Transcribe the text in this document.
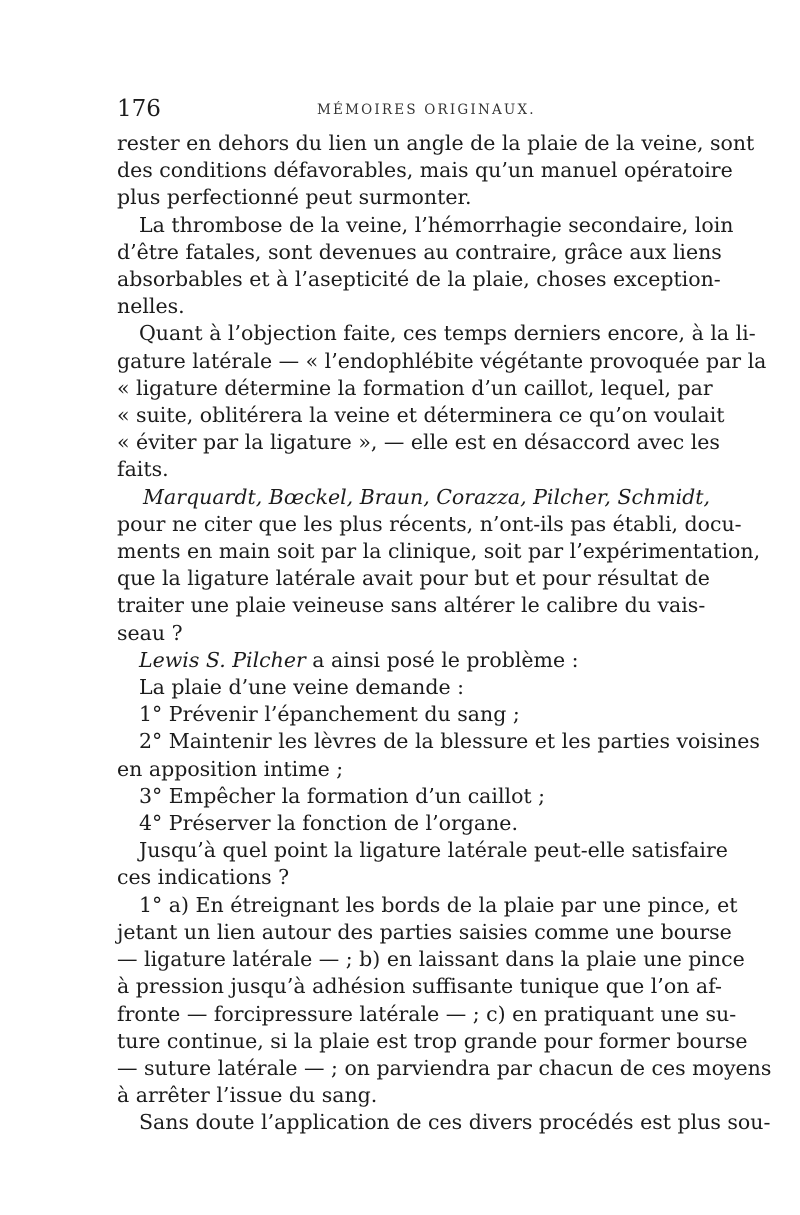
176	MÉMOIRES ORIGINAUX.
rester en dehors du lien un angle de la plaie de la veine, sont
des conditions défavorables, mais qu’un manuel opératoire
plus perfectionné peut surmonter.
La thrombose de la veine, l’hémorrhagie secondaire, loin
d’être fatales, sont devenues au contraire, grâce aux liens
absorbables et à l’asepticité de la plaie, choses exception-
nelles.
Quant à l’objection faite, ces temps derniers encore, à la li-
gature latérale — « l’endophlébite végétante provoquée par la
« ligature détermine la formation d’un caillot, lequel, par
« suite, oblitérera la veine et déterminera ce qu’on voulait
« éviter par la ligature », — elle est en désaccord avec les
faits.
Marquardt, Bœckel, Braun, Corazza, Pilcher, Schmidt,
pour ne citer que les plus récents, n’ont-ils pas établi, docu-
ments en main soit par la clinique, soit par l’expérimentation,
que la ligature latérale avait pour but et pour résultat de
traiter une plaie veineuse sans altérer le calibre du vais-
seau ?
Lewis S. Pilcher a ainsi posé le problème :
La plaie d’une veine demande :
1° Prévenir l’épanchement du sang ;
2° Maintenir les lèvres de la blessure et les parties voisines
en apposition intime ;
3° Empêcher la formation d’un caillot ;
4° Préserver la fonction de l’organe.
Jusqu’à quel point la ligature latérale peut-elle satisfaire
ces indications ?
1° a) En étreignant les bords de la plaie par une pince, et
jetant un lien autour des parties saisies comme une bourse
— ligature latérale — ; b) en laissant dans la plaie une pince
à pression jusqu’à adhésion suffisante tunique que l’on af-
fronte — forcipressure latérale — ; c) en pratiquant une su-
ture continue, si la plaie est trop grande pour former bourse
— suture latérale — ; on parviendra par chacun de ces moyens
à arrêter l’issue du sang.
Sans doute l’application de ces divers procédés est plus sou-
